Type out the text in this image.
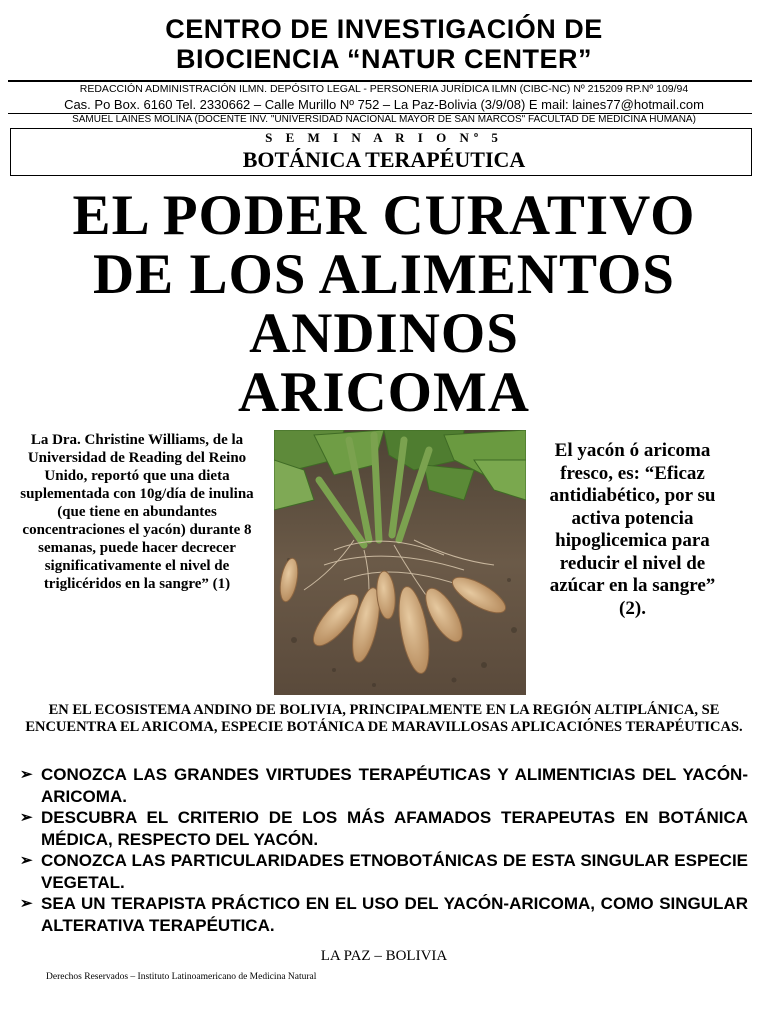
CENTRO DE INVESTIGACIÓN DE
BIOCIENCIA “NATUR CENTER”
REDACCIÓN ADMINISTRACIÓN ILMN. DEPÓSITO LEGAL - PERSONERIA JURÍDICA ILMN (CIBC-NC) Nº 215209 RP.Nº 109/94
Cas. Po Box. 6160 Tel. 2330662 – Calle Murillo Nº 752 – La Paz-Bolivia (3/9/08) E mail: laines77@hotmail.com
SAMUEL LAINES MOLINA (DOCENTE INV. "UNIVERSIDAD NACIONAL MAYOR DE SAN MARCOS" FACULTAD DE MEDICINA HUMANA)
S E M I N A R I O Nº 5
BOTÁNICA TERAPÉUTICA
EL PODER CURATIVO
DE LOS ALIMENTOS
ANDINOS
ARICOMA
La Dra. Christine Williams, de la Universidad de Reading del Reino Unido, reportó que una dieta suplementada con 10g/día de inulina (que tiene en abundantes concentraciones el yacón) durante 8 semanas, puede hacer decrecer significativamente el nivel de triglicéridos en la sangre” (1)
El yacón ó aricoma fresco, es: “Eficaz antidiabético, por su activa potencia hipoglicemica para reducir el nivel de azúcar en la sangre” (2).
EN EL ECOSISTEMA ANDINO DE BOLIVIA, PRINCIPALMENTE EN LA REGIÓN ALTIPLÁNICA, SE ENCUENTRA EL ARICOMA, ESPECIE BOTÁNICA DE MARAVILLOSAS APLICACIÓNES TERAPÉUTICAS.
➢ CONOZCA LAS GRANDES VIRTUDES TERAPÉUTICAS Y ALIMENTICIAS DEL YACÓN-ARICOMA.
➢ DESCUBRA EL CRITERIO DE LOS MÁS AFAMADOS TERAPEUTAS EN BOTÁNICA MÉDICA, RESPECTO DEL YACÓN.
➢ CONOZCA LAS PARTICULARIDADES ETNOBOTÁNICAS DE ESTA SINGULAR ESPECIE VEGETAL.
➢ SEA UN TERAPISTA PRÁCTICO EN EL USO DEL YACÓN-ARICOMA, COMO SINGULAR ALTERATIVA TERAPÉUTICA.
LA PAZ – BOLIVIA
Derechos Reservados – Instituto Latinoamericano de Medicina Natural
